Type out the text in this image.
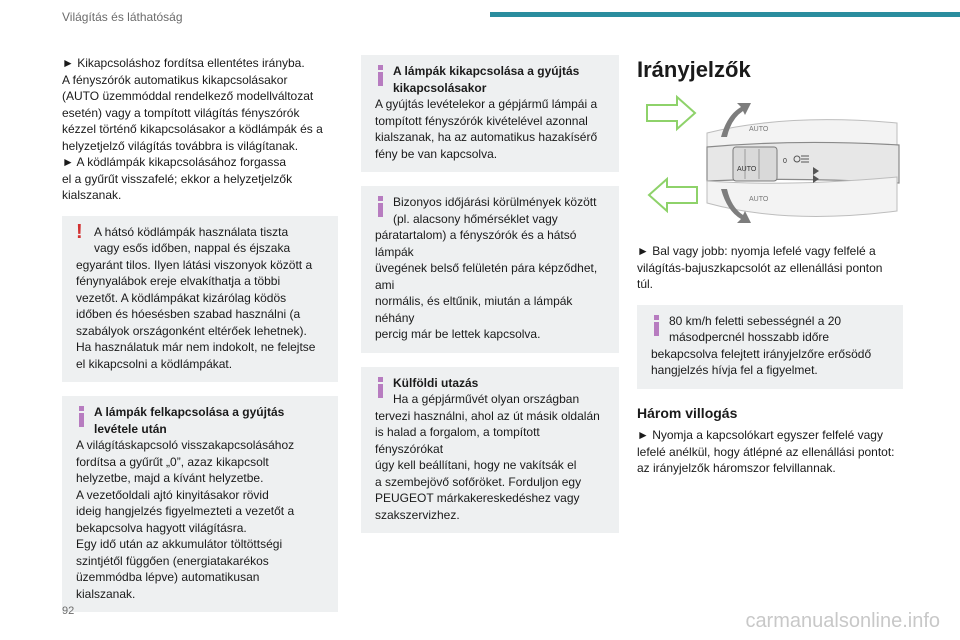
Világítás és láthatóság

► Kikapcsoláshoz fordítsa ellentétes irányba.

A fényszórók automatikus kikapcsolásakor

(AUTO üzemmóddal rendelkező modellváltozat

esetén) vagy a tompított világítás fényszórók

kézzel történő kikapcsolásakor a ködlámpák és a

helyzetjelző világítás továbbra is világítanak.

► A ködlámpák kikapcsolásához forgassa

el a gyűrűt visszafelé; ekkor a helyzetjelzők

kialszanak.

! A hátsó ködlámpák használata tiszta

vagy esős időben, nappal és éjszaka

egyaránt tilos. Ilyen látási viszonyok között a

fénynyalábok ereje elvakíthatja a többi

vezetőt. A ködlámpákat kizárólag ködös

időben és hóesésben szabad használni (a

szabályok országonként eltérőek lehetnek).

Ha használatuk már nem indokolt, ne felejtse

el kikapcsolni a ködlámpákat.

A lámpák felkapcsolása a gyújtás

levétele után

A világításkapcsoló visszakapcsolásához

fordítsa a gyűrűt „0”, azaz kikapcsolt

helyzetbe, majd a kívánt helyzetbe.

A vezetőoldali ajtó kinyitásakor rövid

ideig hangjelzés figyelmezteti a vezetőt a

bekapcsolva hagyott világításra.

Egy idő után az akkumulátor töltöttségi

szintjétől függően (energiatakarékos

üzemmódba lépve) automatikusan

kialszanak.

A lámpák kikapcsolása a gyújtás

kikapcsolásakor

A gyújtás levételekor a gépjármű lámpái a

tompított fényszórók kivételével azonnal

kialszanak, ha az automatikus hazakísérő

fény be van kapcsolva.

Bizonyos időjárási körülmények között

(pl. alacsony hőmérséklet vagy

páratartalom) a fényszórók és a hátsó lámpák

üvegének belső felületén pára képződhet, ami

normális, és eltűnik, miután a lámpák néhány

percig már be lettek kapcsolva.

Külföldi utazás

Ha a gépjárművét olyan országban

tervezi használni, ahol az út másik oldalán

is halad a forgalom, a tompított fényszórókat

úgy kell beállítani, hogy ne vakítsák el

a szembejövő sofőröket. Forduljon egy

PEUGEOT márkakereskedéshez vagy

szakszervizhez.

Irányjelzők
AUTO
AUTO
0
AUTO

► Bal vagy jobb: nyomja lefelé vagy felfelé a

világítás-bajuszkapcsolót az ellenállási ponton

túl.

80 km/h feletti sebességnél a 20

másodpercnél hosszabb időre

bekapcsolva felejtett irányjelzőre erősödő

hangjelzés hívja fel a figyelmet.

Három villogás

► Nyomja a kapcsolókart egyszer felfelé vagy

lefelé anélkül, hogy átlépné az ellenállási pontot:

az irányjelzők háromszor felvillannak.

92	carmanualsonline.info
